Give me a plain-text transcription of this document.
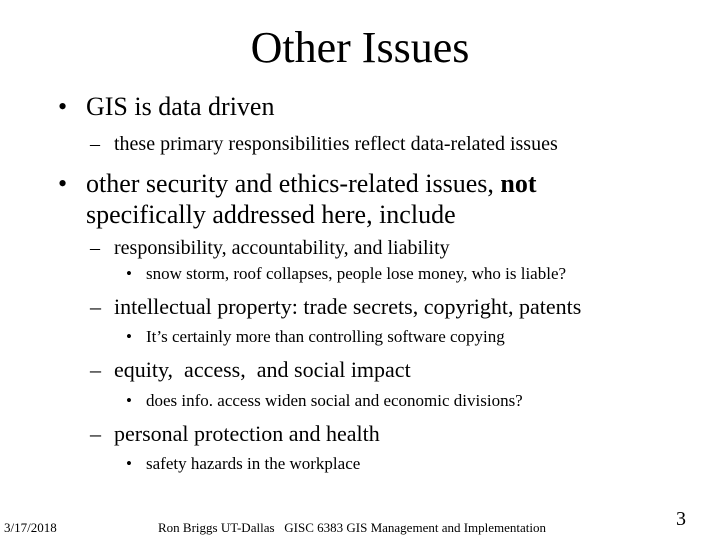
Other Issues
• GIS is data driven
– these primary responsibilities reflect data-related issues
• other security and ethics-related issues, not
specifically addressed here, include
– responsibility, accountability, and liability
• snow storm, roof collapses, people lose money, who is liable?
– intellectual property: trade secrets, copyright, patents
• It’s certainly more than controlling software copying
– equity,  access,  and social impact
• does info. access widen social and economic divisions?
– personal protection and health
• safety hazards in the workplace
3/17/2018	Ron Briggs UT-Dallas   GISC 6383 GIS Management and Implementation	3
